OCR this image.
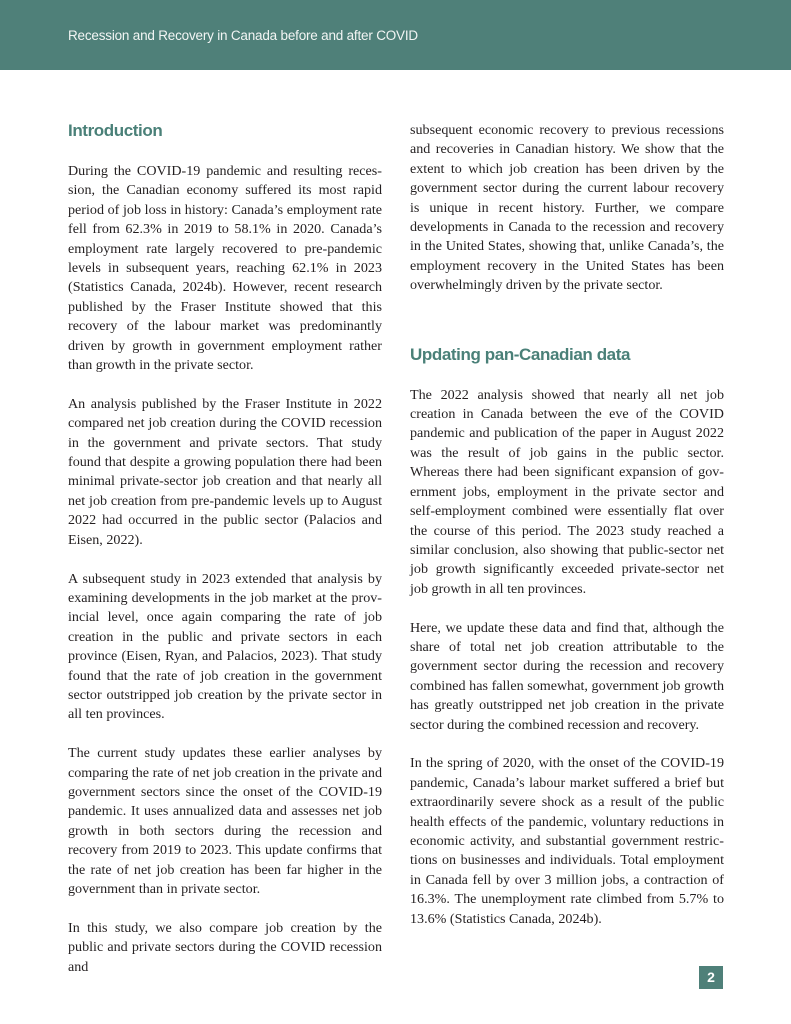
Recession and Recovery in Canada before and after COVID
Introduction

During the COVID-19 pandemic and resulting recession, the Canadian economy suffered its most rapid period of job loss in history: Canada’s employment rate fell from 62.3% in 2019 to 58.1% in 2020. Canada’s employment rate largely recovered to pre-pandemic levels in subsequent years, reaching 62.1% in 2023 (Statistics Canada, 2024b). However, recent research published by the Fraser Institute showed that this recovery of the labour market was predominantly driven by growth in government employment rather than growth in the private sector.

An analysis published by the Fraser Institute in 2022 compared net job creation during the COVID recession in the government and private sectors. That study found that despite a growing population there had been minimal private-sector job creation and that nearly all net job creation from pre-pandemic levels up to August 2022 had occurred in the public sector (Palacios and Eisen, 2022).

A subsequent study in 2023 extended that analysis by examining developments in the job market at the provincial level, once again comparing the rate of job creation in the public and private sectors in each province (Eisen, Ryan, and Palacios, 2023). That study found that the rate of job creation in the government sector outstripped job creation by the private sector in all ten provinces.

The current study updates these earlier analyses by comparing the rate of net job creation in the private and government sectors since the onset of the COVID-19 pandemic. It uses annualized data and assesses net job growth in both sectors during the recession and recovery from 2019 to 2023. This update confirms that the rate of net job creation has been far higher in the government than in private sector.

In this study, we also compare job creation by the public and private sectors during the COVID recession and

subsequent economic recovery to previous recessions and recoveries in Canadian history. We show that the extent to which job creation has been driven by the government sector during the current labour recovery is unique in recent history. Further, we compare developments in Canada to the recession and recovery in the United States, showing that, unlike Canada’s, the employment recovery in the United States has been overwhelmingly driven by the private sector.

Updating pan-Canadian data

The 2022 analysis showed that nearly all net job creation in Canada between the eve of the COVID pandemic and publication of the paper in August 2022 was the result of job gains in the public sector. Whereas there had been significant expansion of government jobs, employment in the private sector and self-employment combined were essentially flat over the course of this period. The 2023 study reached a similar conclusion, also showing that public-sector net job growth significantly exceeded private-sector net job growth in all ten provinces.

Here, we update these data and find that, although the share of total net job creation attributable to the government sector during the recession and recovery combined has fallen somewhat, government job growth has greatly outstripped net job creation in the private sector during the combined recession and recovery.

In the spring of 2020, with the onset of the COVID-19 pandemic, Canada’s labour market suffered a brief but extraordinarily severe shock as a result of the public health effects of the pandemic, voluntary reductions in economic activity, and substantial government restrictions on businesses and individuals. Total employment in Canada fell by over 3 million jobs, a contraction of 16.3%. The unemployment rate climbed from 5.7% to 13.6% (Statistics Canada, 2024b).

2
